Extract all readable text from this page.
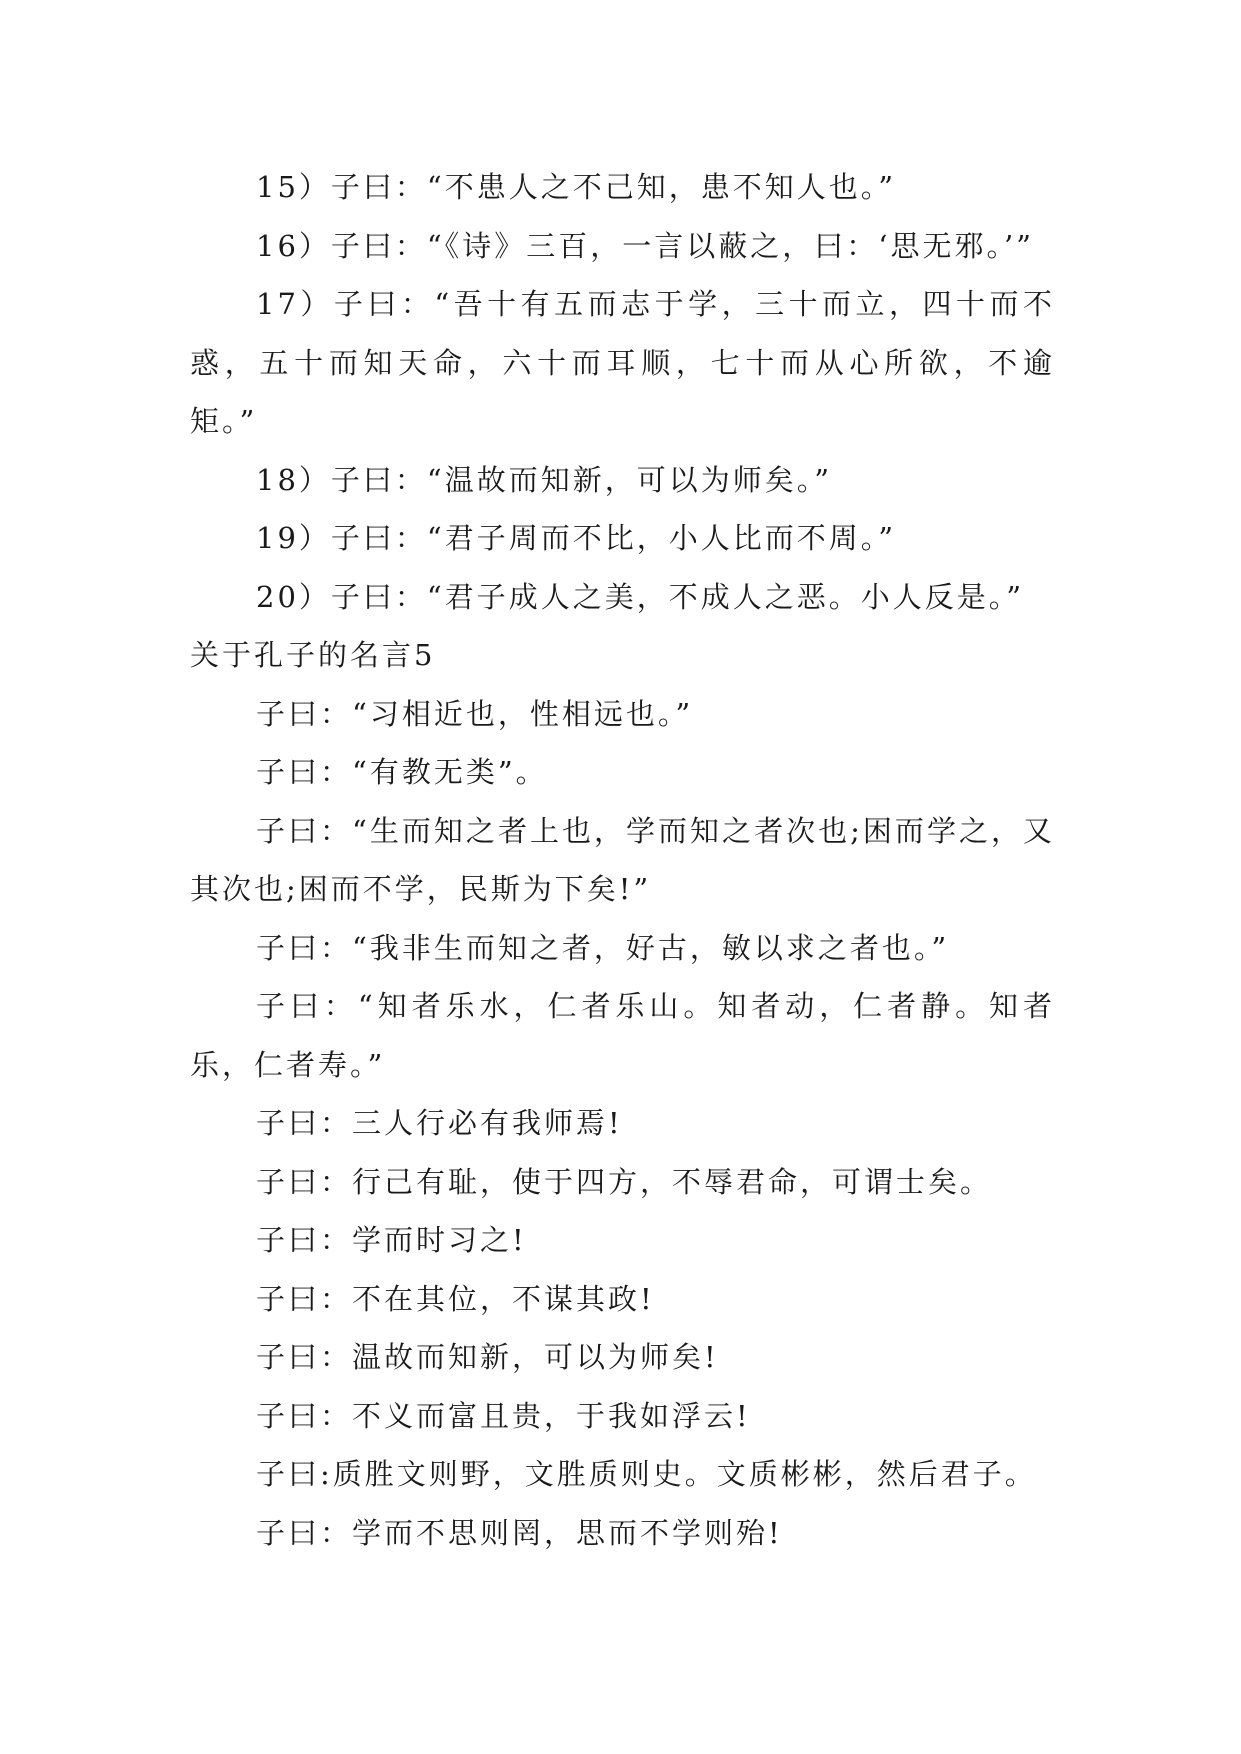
15）子曰：“不患人之不己知，患不知人也。”

16）子曰：“《诗》三百，一言以蔽之，曰：‘思无邪。’”

17）子曰：“吾十有五而志于学，三十而立，四十而不惑，五十而知天命，六十而耳顺，七十而从心所欲，不逾矩。”

18）子曰：“温故而知新，可以为师矣。”

19）子曰：“君子周而不比，小人比而不周。”

20）子曰：“君子成人之美，不成人之恶。小人反是。”

关于孔子的名言5

子曰：“习相近也，性相远也。”

子曰：“有教无类”。

子曰：“生而知之者上也，学而知之者次也;困而学之，又其次也;困而不学，民斯为下矣!”

子曰：“我非生而知之者，好古，敏以求之者也。”

子曰：“知者乐水，仁者乐山。知者动，仁者静。知者乐，仁者寿。”

子曰：三人行必有我师焉!

子曰：行己有耻，使于四方，不辱君命，可谓士矣。

子曰：学而时习之!

子曰：不在其位，不谋其政!

子曰：温故而知新，可以为师矣!

子曰：不义而富且贵，于我如浮云!

子曰:质胜文则野，文胜质则史。文质彬彬，然后君子。

子曰：学而不思则罔，思而不学则殆!
